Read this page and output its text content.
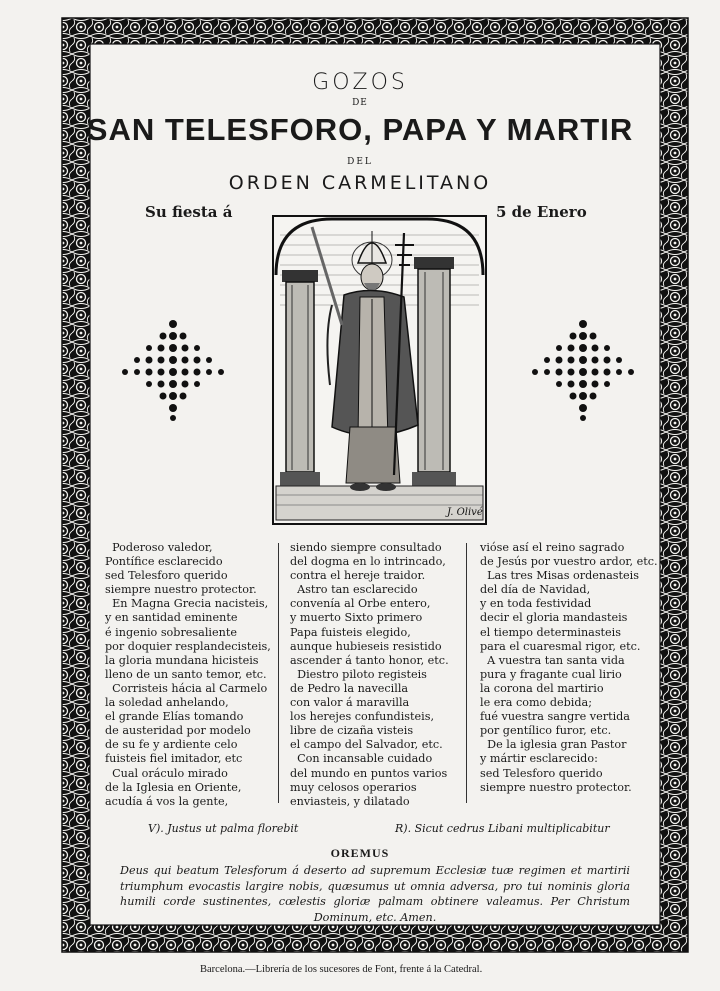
GOZOS
DE
SAN TELESFORO, PAPA Y MARTIR
DEL
ORDEN CARMELITANO
Su fiesta á	5 de Enero
J. Olivé
Poderoso valedor,
Pontífice esclarecido
sed Telesforo querido
siempre nuestro protector.
En Magna Grecia nacisteis,
y en santidad eminente
é ingenio sobresaliente
por doquier resplandecisteis,
la gloria mundana hicisteis
lleno de un santo temor, etc.
Corristeis hácia al Carmelo
la soledad anhelando,
el grande Elías tomando
de austeridad por modelo
de su fe y ardiente celo
fuisteis fiel imitador, etc
Cual oráculo mirado
de la Iglesia en Oriente,
acudía á vos la gente,
siendo siempre consultado
del dogma en lo intrincado,
contra el hereje traidor.
Astro tan esclarecido
convenía al Orbe entero,
y muerto Sixto primero
Papa fuisteis elegido,
aunque hubieseis resistido
ascender á tanto honor, etc.
Diestro piloto registeis
de Pedro la navecilla
con valor á maravilla
los herejes confundisteis,
libre de cizaña visteis
el campo del Salvador, etc.
Con incansable cuidado
del mundo en puntos varios
muy celosos operarios
enviasteis, y dilatado
vióse así el reino sagrado
de Jesús por vuestro ardor, etc.
Las tres Misas ordenasteis
del día de Navidad,
y en toda festividad
decir el gloria mandasteis
el tiempo determinasteis
para el cuaresmal rigor, etc.
A vuestra tan santa vida
pura y fragante cual lirio
la corona del martirio
le era como debida;
fué vuestra sangre vertida
por gentílico furor, etc.
De la iglesia gran Pastor
y mártir esclarecido:
sed Telesforo querido
siempre nuestro protector.
V). Justus ut palma florebit	R). Sicut cedrus Libani multiplicabitur
OREMUS
Deus qui beatum Telesforum á deserto ad supremum Ecclesiæ tuæ regimen et martirii triumphum evocastis largire nobis, quæsumus ut omnia adversa, pro tui nominis gloria humili corde sustinentes, cœlestis gloriæ palmam obtinere valeamus. Per Christum Dominum, etc. Amen.
Barcelona.—Librería de los sucesores de Font, frente á la Catedral.
